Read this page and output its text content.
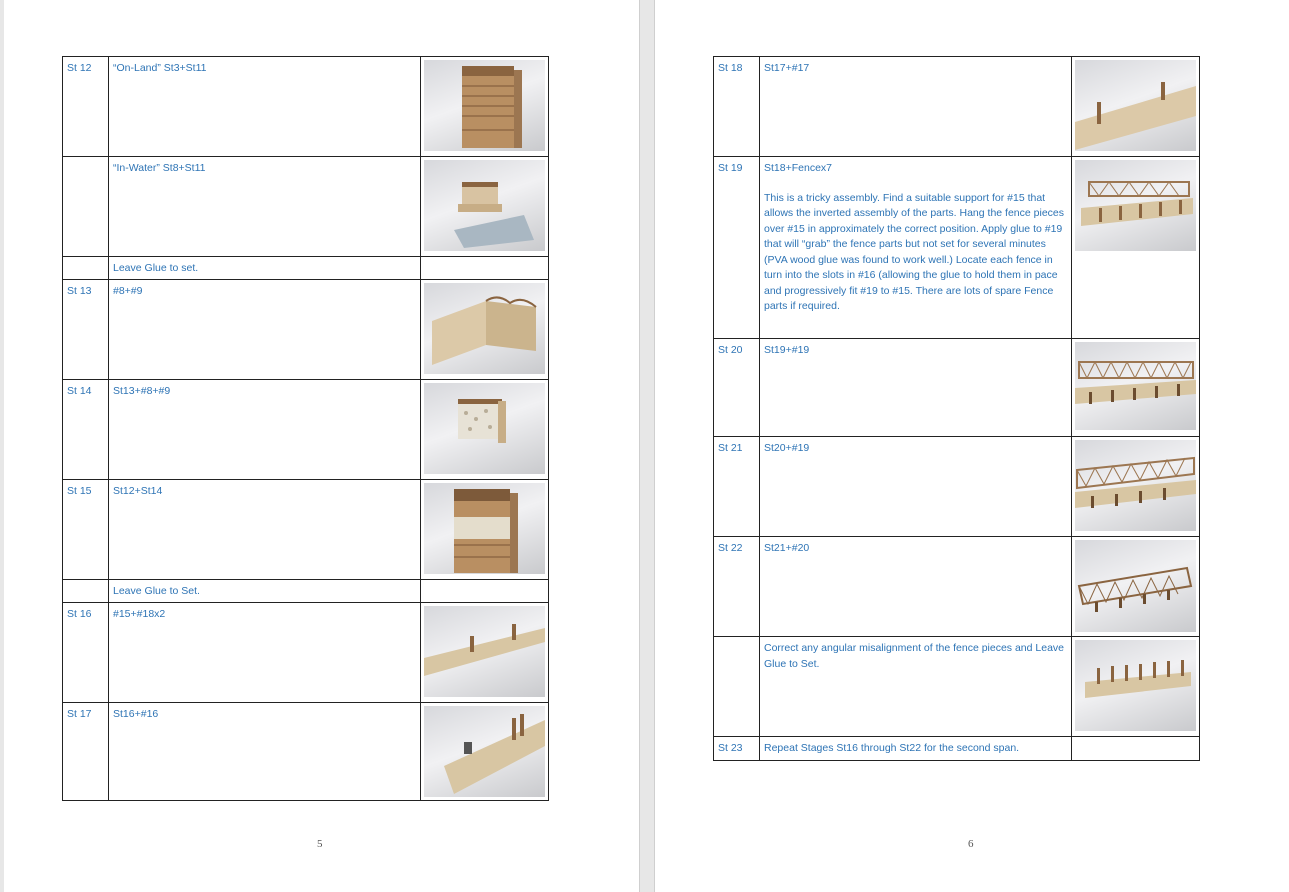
St 12	“On-Land” St3+St11

	“In-Water” St8+St11

	Leave Glue to set.	

St 13	#8+#9

St 14	St13+#8+#9

St 15	St12+St14

	Leave Glue to Set.	

St 16	#15+#18x2

St 17	St16+#16

5
St 18	St17+#17

St 19	St18+Fencex7

This is a tricky assembly. Find a suitable support for #15 that allows the inverted assembly of the parts. Hang the fence pieces over #15 in approximately the correct position. Apply glue to #19 that will “grab” the fence parts but not set for several minutes (PVA wood glue was found to work well.) Locate each fence in turn into the slots in #16 (allowing the glue to hold them in pace and progressively fit #19 to #15. There are lots of spare Fence parts if required.

St 20	St19+#19

St 21	St20+#19

St 22	St21+#20

	Correct any angular misalignment of the fence pieces and Leave Glue to Set.

St 23	Repeat Stages St16 through St22 for the second span.	

6
